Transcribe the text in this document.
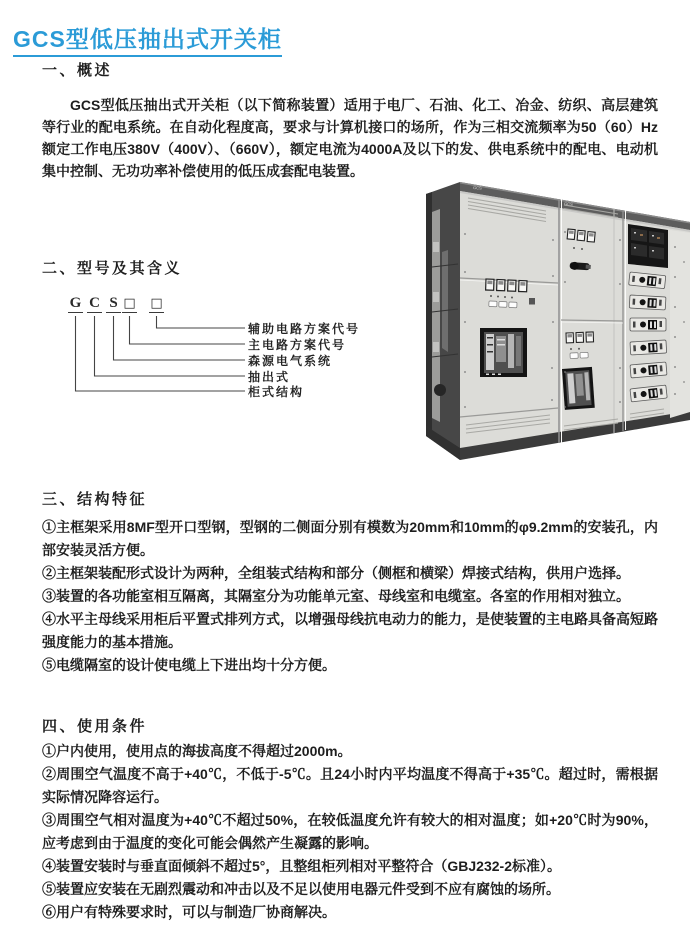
GCS型低压抽出式开关柜
一、概述

GCS型低压抽出式开关柜（以下简称装置）适用于电厂、石油、化工、冶金、纺织、高层建筑等行业的配电系统。在自动化程度高，要求与计算机接口的场所，作为三相交流频率为50（60）Hz额定工作电压380V（400V）、（660V），额定电流为4000A及以下的发、供电系统中的配电、电动机集中控制、无功功率补偿使用的低压成套配电装置。

二、型号及其含义
G C S □ □
辅助电路方案代号
主电路方案代号
森源电气系统
抽出式
柜式结构
GCS
GCS
三、结构特征
①主框架采用8MF型开口型钢，型钢的二侧面分别有模数为20mm和10mm的φ9.2mm的安装孔，内部安装灵活方便。
②主框架装配形式设计为两种，全组装式结构和部分（侧框和横梁）焊接式结构，供用户选择。
③装置的各功能室相互隔离，其隔室分为功能单元室、母线室和电缆室。各室的作用相对独立。
④水平主母线采用柜后平置式排列方式，以增强母线抗电动力的能力，是使装置的主电路具备高短路强度能力的基本措施。
⑤电缆隔室的设计使电缆上下进出均十分方便。
四、使用条件
①户内使用，使用点的海拔高度不得超过2000m。
②周围空气温度不高于+40℃，不低于-5℃。且24小时内平均温度不得高于+35℃。超过时，需根据实际情况降容运行。
③周围空气相对温度为+40℃不超过50%，在较低温度允许有较大的相对温度；如+20℃时为90%，应考虑到由于温度的变化可能会偶然产生凝露的影响。
④装置安装时与垂直面倾斜不超过5°，且整组柜列相对平整符合（GBJ232-2标准）。
⑤装置应安装在无剧烈震动和冲击以及不足以使用电器元件受到不应有腐蚀的场所。
⑥用户有特殊要求时，可以与制造厂协商解决。
